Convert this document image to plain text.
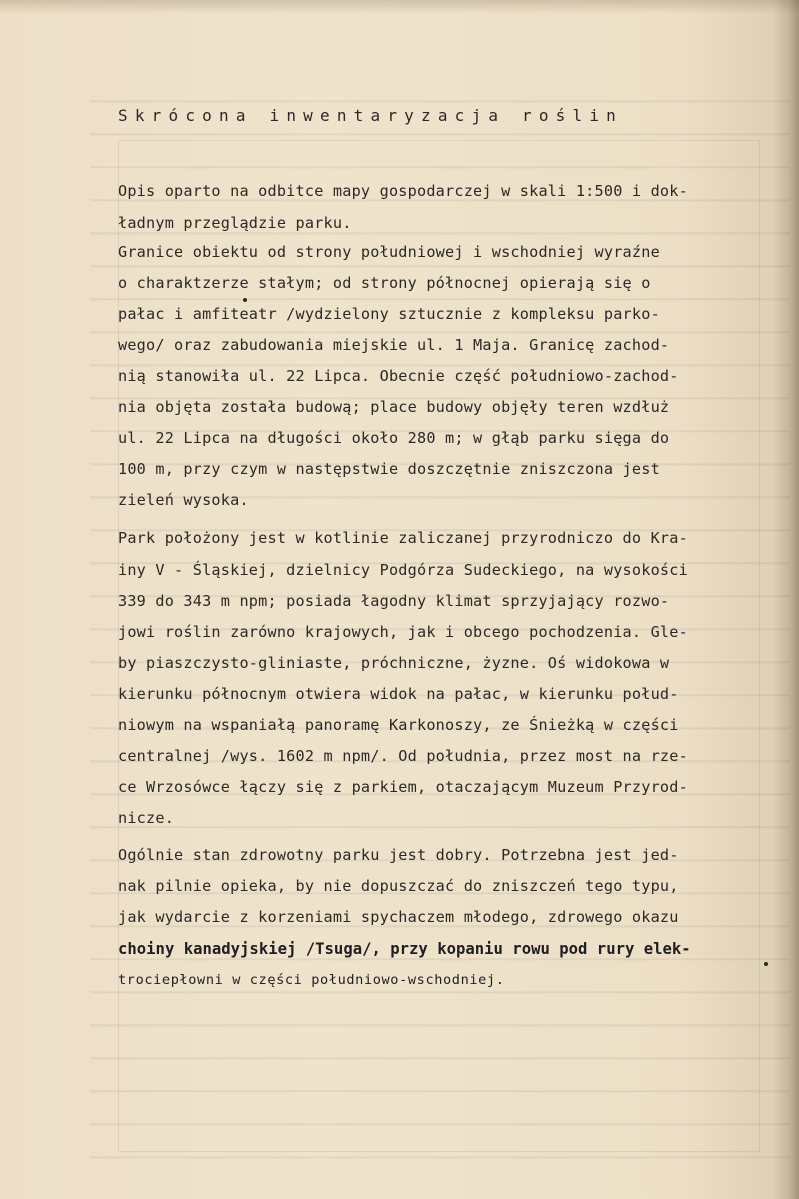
Skrócona inwentaryzacja roślin
Opis oparto na odbitce mapy gospodarczej w skali 1:500 i dok-
ładnym przeglądzie parku.
Granice obiektu od strony południowej i wschodniej wyraźne
o charaktzerze stałym; od strony północnej opierają się o
pałac i amfiteatr /wydzielony sztucznie z kompleksu parko-
wego/ oraz zabudowania miejskie ul. 1 Maja. Granicę zachod-
nią stanowiła ul. 22 Lipca. Obecnie część południowo-zachod-
nia objęta została budową; place budowy objęły teren wzdłuż
ul. 22 Lipca na długości około 280 m; w głąb parku sięga do
100 m, przy czym w następstwie doszczętnie zniszczona jest
zieleń wysoka.
Park położony jest w kotlinie zaliczanej przyrodniczo do Kra-
iny V - Śląskiej, dzielnicy Podgórza Sudeckiego, na wysokości
339 do 343 m npm; posiada łagodny klimat sprzyjający rozwo-
jowi roślin zarówno krajowych, jak i obcego pochodzenia. Gle-
by piaszczysto-gliniaste, próchniczne, żyzne. Oś widokowa w
kierunku północnym otwiera widok na pałac, w kierunku połud-
niowym na wspaniałą panoramę Karkonoszy, ze Śnieżką w części
centralnej /wys. 1602 m npm/. Od południa, przez most na rze-
ce Wrzosówce łączy się z parkiem, otaczającym Muzeum Przyrod-
nicze.
Ogólnie stan zdrowotny parku jest dobry. Potrzebna jest jed-
nak pilnie opieka, by nie dopuszczać do zniszczeń tego typu,
jak wydarcie z korzeniami spychaczem młodego, zdrowego okazu
choiny kanadyjskiej /Tsuga/, przy kopaniu rowu pod rury elek-
trociepłowni w części południowo-wschodniej.
